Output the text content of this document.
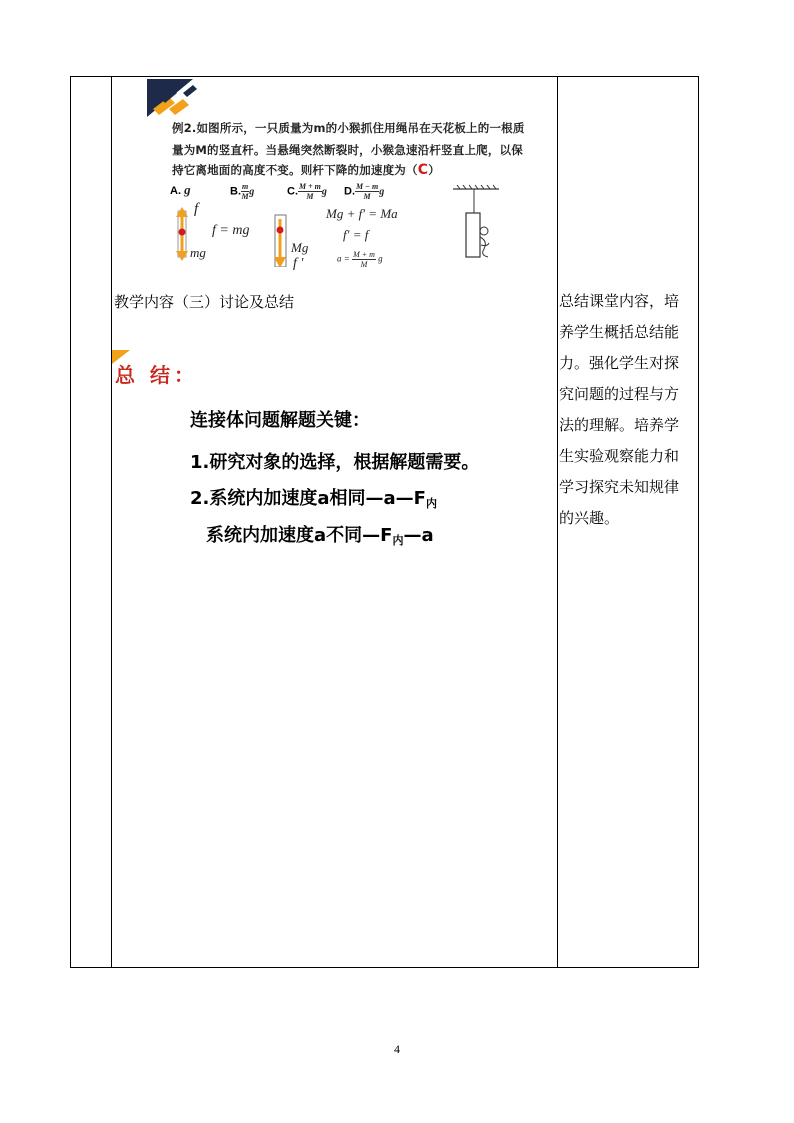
例2.如图所示，一只质量为m的小猴抓住用绳吊在天花板上的一根质
量为M的竖直杆。当悬绳突然断裂时，小猴急速沿杆竖直上爬，以保
持它离地面的高度不变。则杆下降的加速度为（C）
A. g	B. $\frac{m}{M}$ g	C. $\frac{M + m}{M}$ g D. $\frac{M - m}{M}$ g
f
f = mg
mg
Mg + f′ = Ma
f′ = f
Mg
f ′	$a = \frac{M + m}{M}$ g
教学内容（三）讨论及总结
总 结：
连接体问题解题关键：
1.研究对象的选择，根据解题需要。
2.系统内加速度a相同$—a—F_内$
系统内加速度a不同$—F_内—a$
总结课堂内容，培养学生概括总结能力。强化学生对探究问题的过程与方法的理解。培养学生实验观察能力和学习探究未知规律的兴趣。
4
